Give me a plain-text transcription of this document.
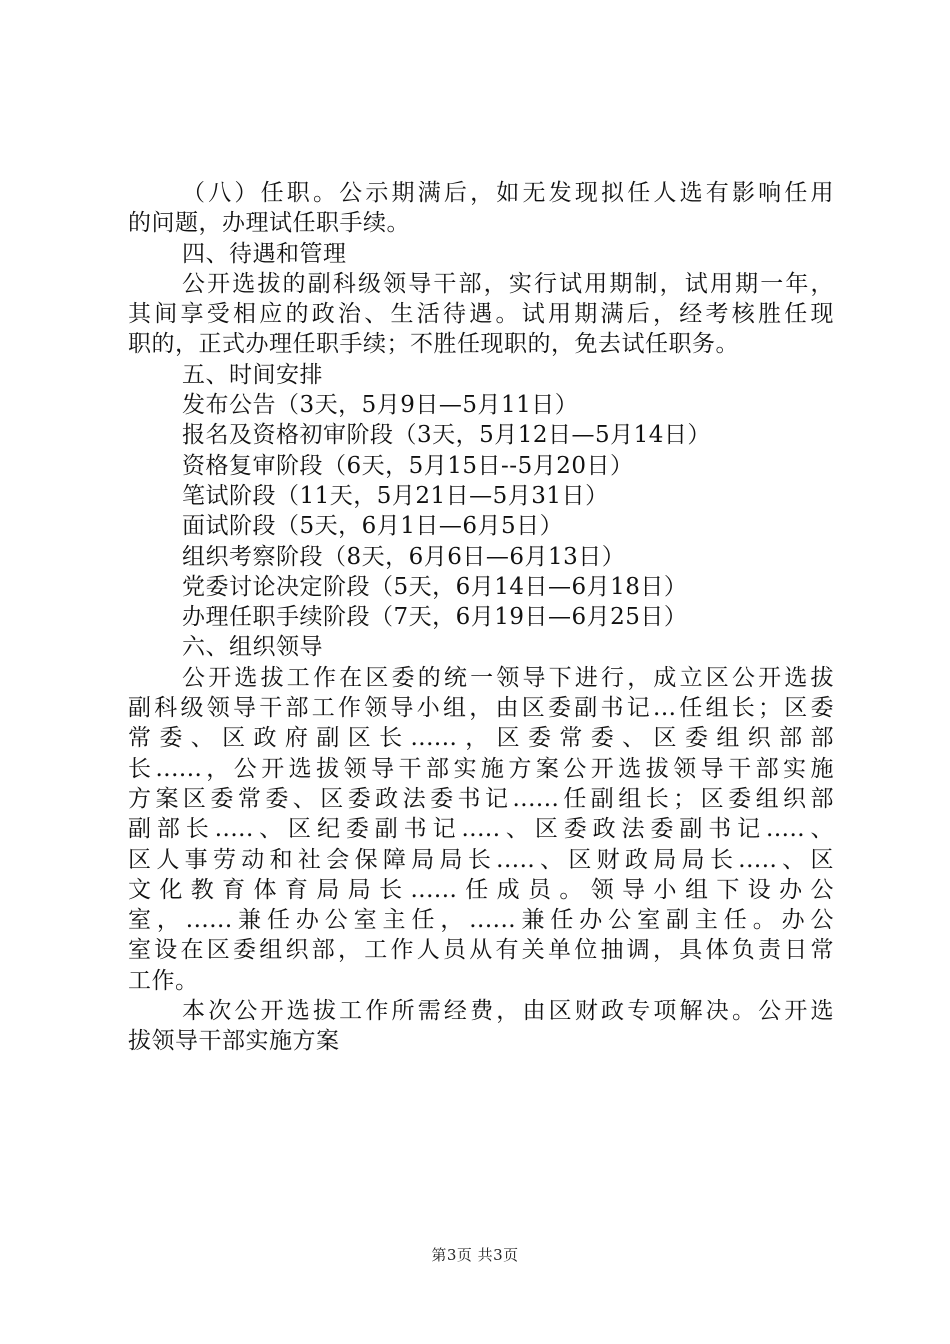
（八）任职。公示期满后，如无发现拟任人选有影响任用
的问题，办理试任职手续。
四、待遇和管理
公开选拔的副科级领导干部，实行试用期制，试用期一年，
其间享受相应的政治、生活待遇。试用期满后，经考核胜任现
职的，正式办理任职手续；不胜任现职的，免去试任职务。
五、时间安排
发布公告（3天，5月9日—5月11日）
报名及资格初审阶段（3天，5月12日—5月14日）
资格复审阶段（6天，5月15日--5月20日）
笔试阶段（11天，5月21日—5月31日）
面试阶段（5天，6月1日—6月5日）
组织考察阶段（8天，6月6日—6月13日）
党委讨论决定阶段（5天，6月14日—6月18日）
办理任职手续阶段（7天，6月19日—6月25日）
六、组织领导
公开选拔工作在区委的统一领导下进行，成立区公开选拔
副科级领导干部工作领导小组，由区委副书记...任组长；区委
常委、区政府副区长......，区委常委、区委组织部部
长......，公开选拔领导干部实施方案公开选拔领导干部实施
方案区委常委、区委政法委书记......任副组长；区委组织部
副部长.....、区纪委副书记.....、区委政法委副书记.....、
区人事劳动和社会保障局局长.....、区财政局局长.....、区
文化教育体育局局长......任成员。领导小组下设办公
室，......兼任办公室主任，......兼任办公室副主任。办公
室设在区委组织部，工作人员从有关单位抽调，具体负责日常
工作。
本次公开选拔工作所需经费，由区财政专项解决。公开选
拔领导干部实施方案
第3页 共3页
